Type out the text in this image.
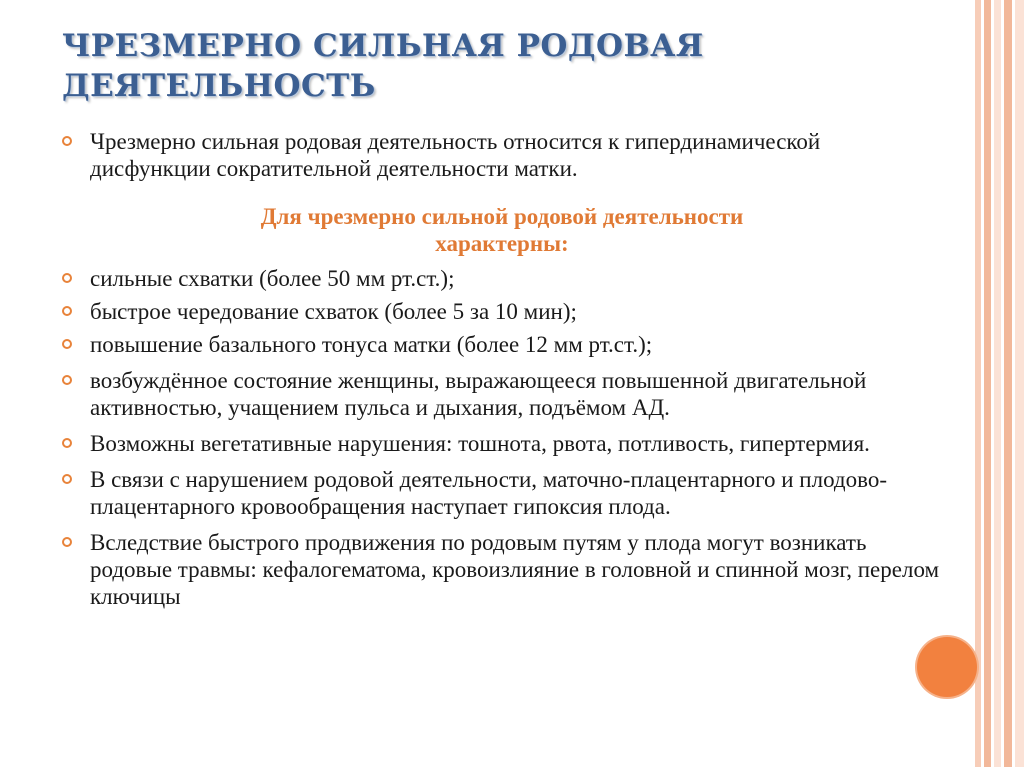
ЧРЕЗМЕРНО СИЛЬНАЯ РОДОВАЯ
ДЕЯТЕЛЬНОСТЬ
Чрезмерно сильная родовая деятельность относится к гипердинамической дисфункции сократительной деятельности матки.
Для чрезмерно сильной родовой деятельности
характерны:
сильные схватки (более 50 мм рт.ст.);
быстрое чередование схваток (более 5 за 10 мин);
повышение базального тонуса матки (более 12 мм рт.ст.);
возбуждённое состояние женщины, выражающееся повышенной двигательной активностью, учащением пульса и дыхания, подъёмом АД.
Возможны вегетативные нарушения: тошнота, рвота, потливость, гипертермия.
В связи с нарушением родовой деятельности, маточно-плацентарного и плодово-плацентарного кровообращения наступает гипоксия плода.
Вследствие быстрого продвижения по родовым путям у плода могут возникать родовые травмы: кефалогематома, кровоизлияние в головной и спинной мозг, перелом ключицы
